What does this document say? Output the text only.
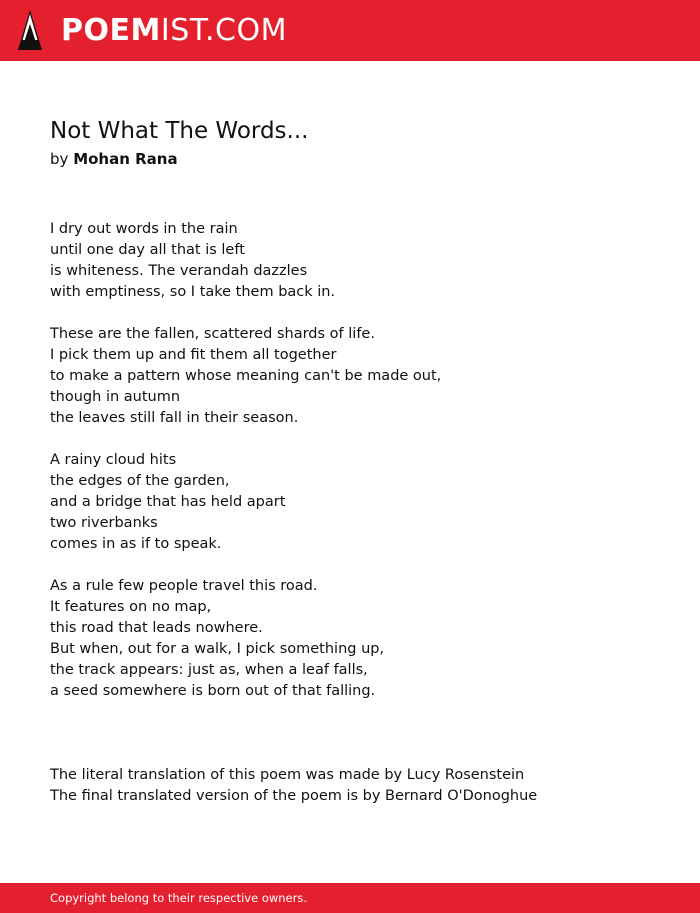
POEMIST.COM
Not What The Words...
by Mohan Rana
I dry out words in the rain
until one day all that is left
is whiteness. The verandah dazzles
with emptiness, so I take them back in.
These are the fallen, scattered shards of life.
I pick them up and fit them all together
to make a pattern whose meaning can't be made out,
though in autumn
the leaves still fall in their season.
A rainy cloud hits
the edges of the garden,
and a bridge that has held apart
two riverbanks
comes in as if to speak.
As a rule few people travel this road.
It features on no map,
this road that leads nowhere.
But when, out for a walk, I pick something up,
the track appears: just as, when a leaf falls,
a seed somewhere is born out of that falling.
The literal translation of this poem was made by Lucy Rosenstein
The final translated version of the poem is by Bernard O'Donoghue
Copyright belong to their respective owners.
